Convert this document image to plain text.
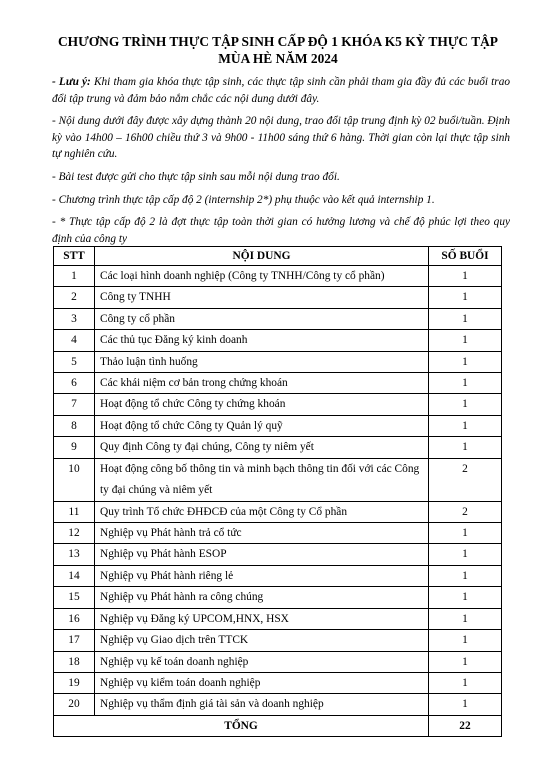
CHƯƠNG TRÌNH THỰC TẬP SINH CẤP ĐỘ 1 KHÓA K5 KỲ THỰC TẬP
MÙA HÈ NĂM 2024

- Lưu ý: Khi tham gia khóa thực tập sinh, các thực tập sinh cần phải tham gia đầy đủ các buổi trao đổi tập trung và đảm bảo nắm chắc các nội dung dưới đây.

- Nội dung dưới đây được xây dựng thành 20 nội dung, trao đổi tập trung định kỳ 02 buổi/tuần. Định kỳ vào 14h00 – 16h00 chiều thứ 3 và 9h00 - 11h00 sáng thứ 6 hàng. Thời gian còn lại thực tập sinh tự nghiên cứu.

- Bài test được gửi cho thực tập sinh sau mỗi nội dung trao đổi.

- Chương trình thực tập cấp độ 2 (internship 2*) phụ thuộc vào kết quả internship 1.

- * Thực tập cấp độ 2 là đợt thực tập toàn thời gian có hưởng lương và chế độ phúc lợi theo quy định của công ty

STT	NỘI DUNG	SỐ BUỔI
1	Các loại hình doanh nghiệp (Công ty TNHH/Công ty cổ phần)	1
2	Công ty TNHH	1
3	Công ty cổ phần	1
4	Các thủ tục Đăng ký kinh doanh	1
5	Thảo luận tình huống	1
6	Các khái niệm cơ bản trong chứng khoán	1
7	Hoạt động tổ chức Công ty chứng khoán	1
8	Hoạt động tổ chức Công ty Quản lý quỹ	1
9	Quy định Công ty đại chúng, Công ty niêm yết	1
10	Hoạt động công bố thông tin và minh bạch thông tin đối với các Công ty đại chúng và niêm yết	2
11	Quy trình Tổ chức ĐHĐCĐ của một Công ty Cổ phần	2
12	Nghiệp vụ Phát hành trả cổ tức	1
13	Nghiệp vụ Phát hành ESOP	1
14	Nghiệp vụ Phát hành riêng lẻ	1
15	Nghiệp vụ Phát hành ra công chúng	1
16	Nghiệp vụ Đăng ký UPCOM,HNX, HSX	1
17	Nghiệp vụ Giao dịch trên TTCK	1
18	Nghiệp vụ kế toán doanh nghiệp	1
19	Nghiệp vụ kiểm toán doanh nghiệp	1
20	Nghiệp vụ thẩm định giá tài sản và doanh nghiệp	1
TỔNG		22
